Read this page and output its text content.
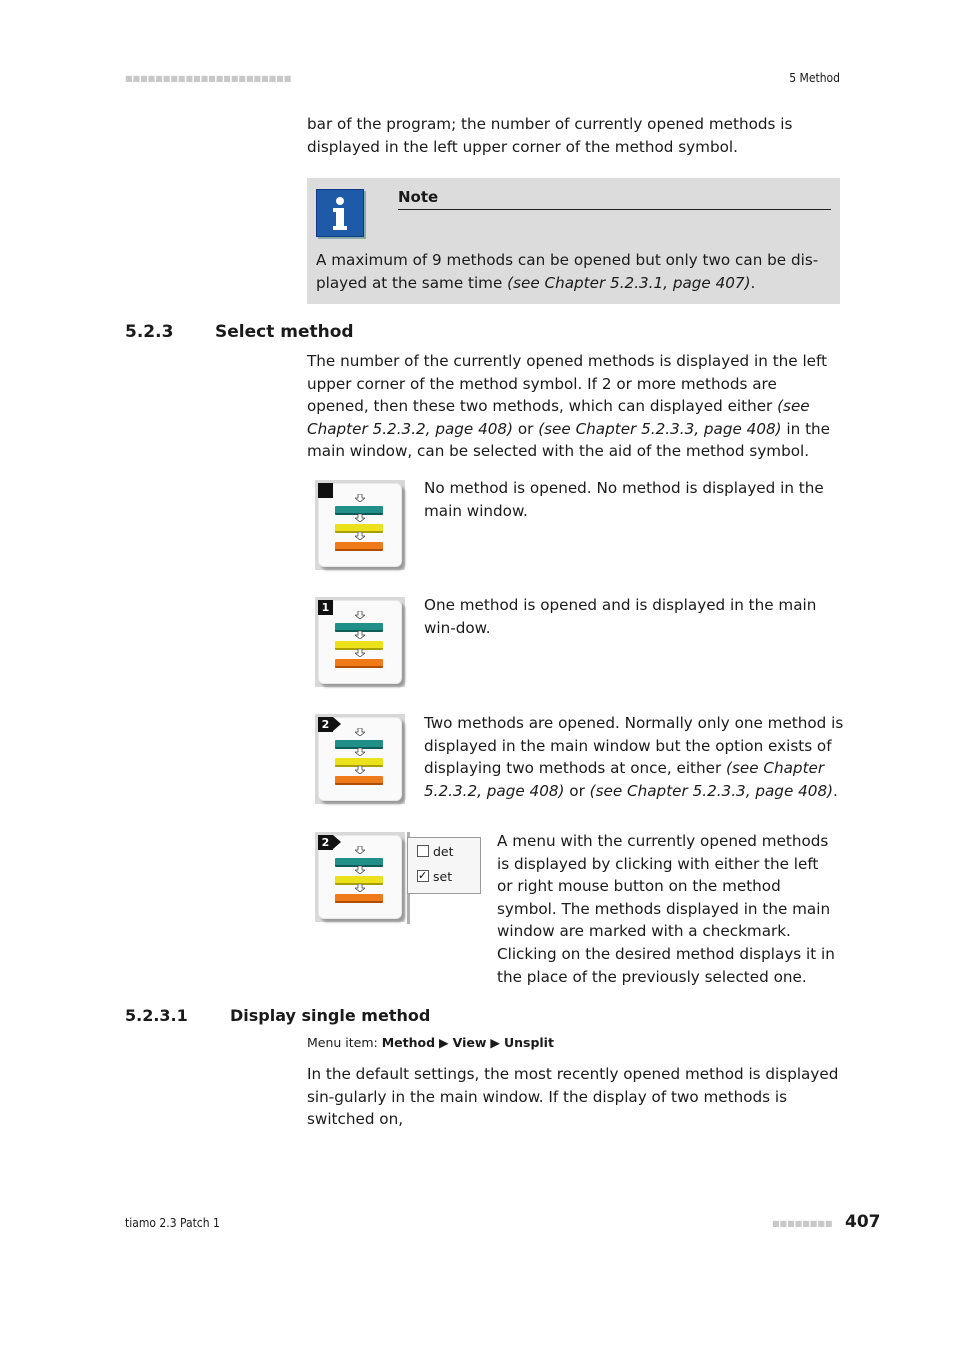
■■■■■■■■■■■■■■■■■■■■■■	5 Method
bar of the program; the number of currently opened methods is displayed in the left upper corner of the method symbol.
Note
A maximum of 9 methods can be opened but only two can be dis-played at the same time (see Chapter 5.2.3.1, page 407).
5.2.3 Select method
The number of the currently opened methods is displayed in the left upper corner of the method symbol. If 2 or more methods are opened, then these two methods, which can displayed either (see Chapter 5.2.3.2, page 408) or (see Chapter 5.2.3.3, page 408) in the main window, can be selected with the aid of the method symbol.
No method is opened. No method is displayed in the main window.
1	One method is opened and is displayed in the main win-dow.
2	Two methods are opened. Normally only one method is displayed in the main window but the option exists of displaying two methods at once, either (see Chapter 5.2.3.2, page 408) or (see Chapter 5.2.3.3, page 408).
2
det
✓set
A menu with the currently opened methods is displayed by clicking with either the left or right mouse button on the method symbol. The methods displayed in the main window are marked with a checkmark. Clicking on the desired method displays it in the place of the previously selected one.
5.2.3.1	Display single method
Menu item: Method ▶ View ▶ Unsplit
In the default settings, the most recently opened method is displayed sin-gularly in the main window. If the display of two methods is switched on,
tiamo 2.3 Patch 1	■■■■■■■■ 407
